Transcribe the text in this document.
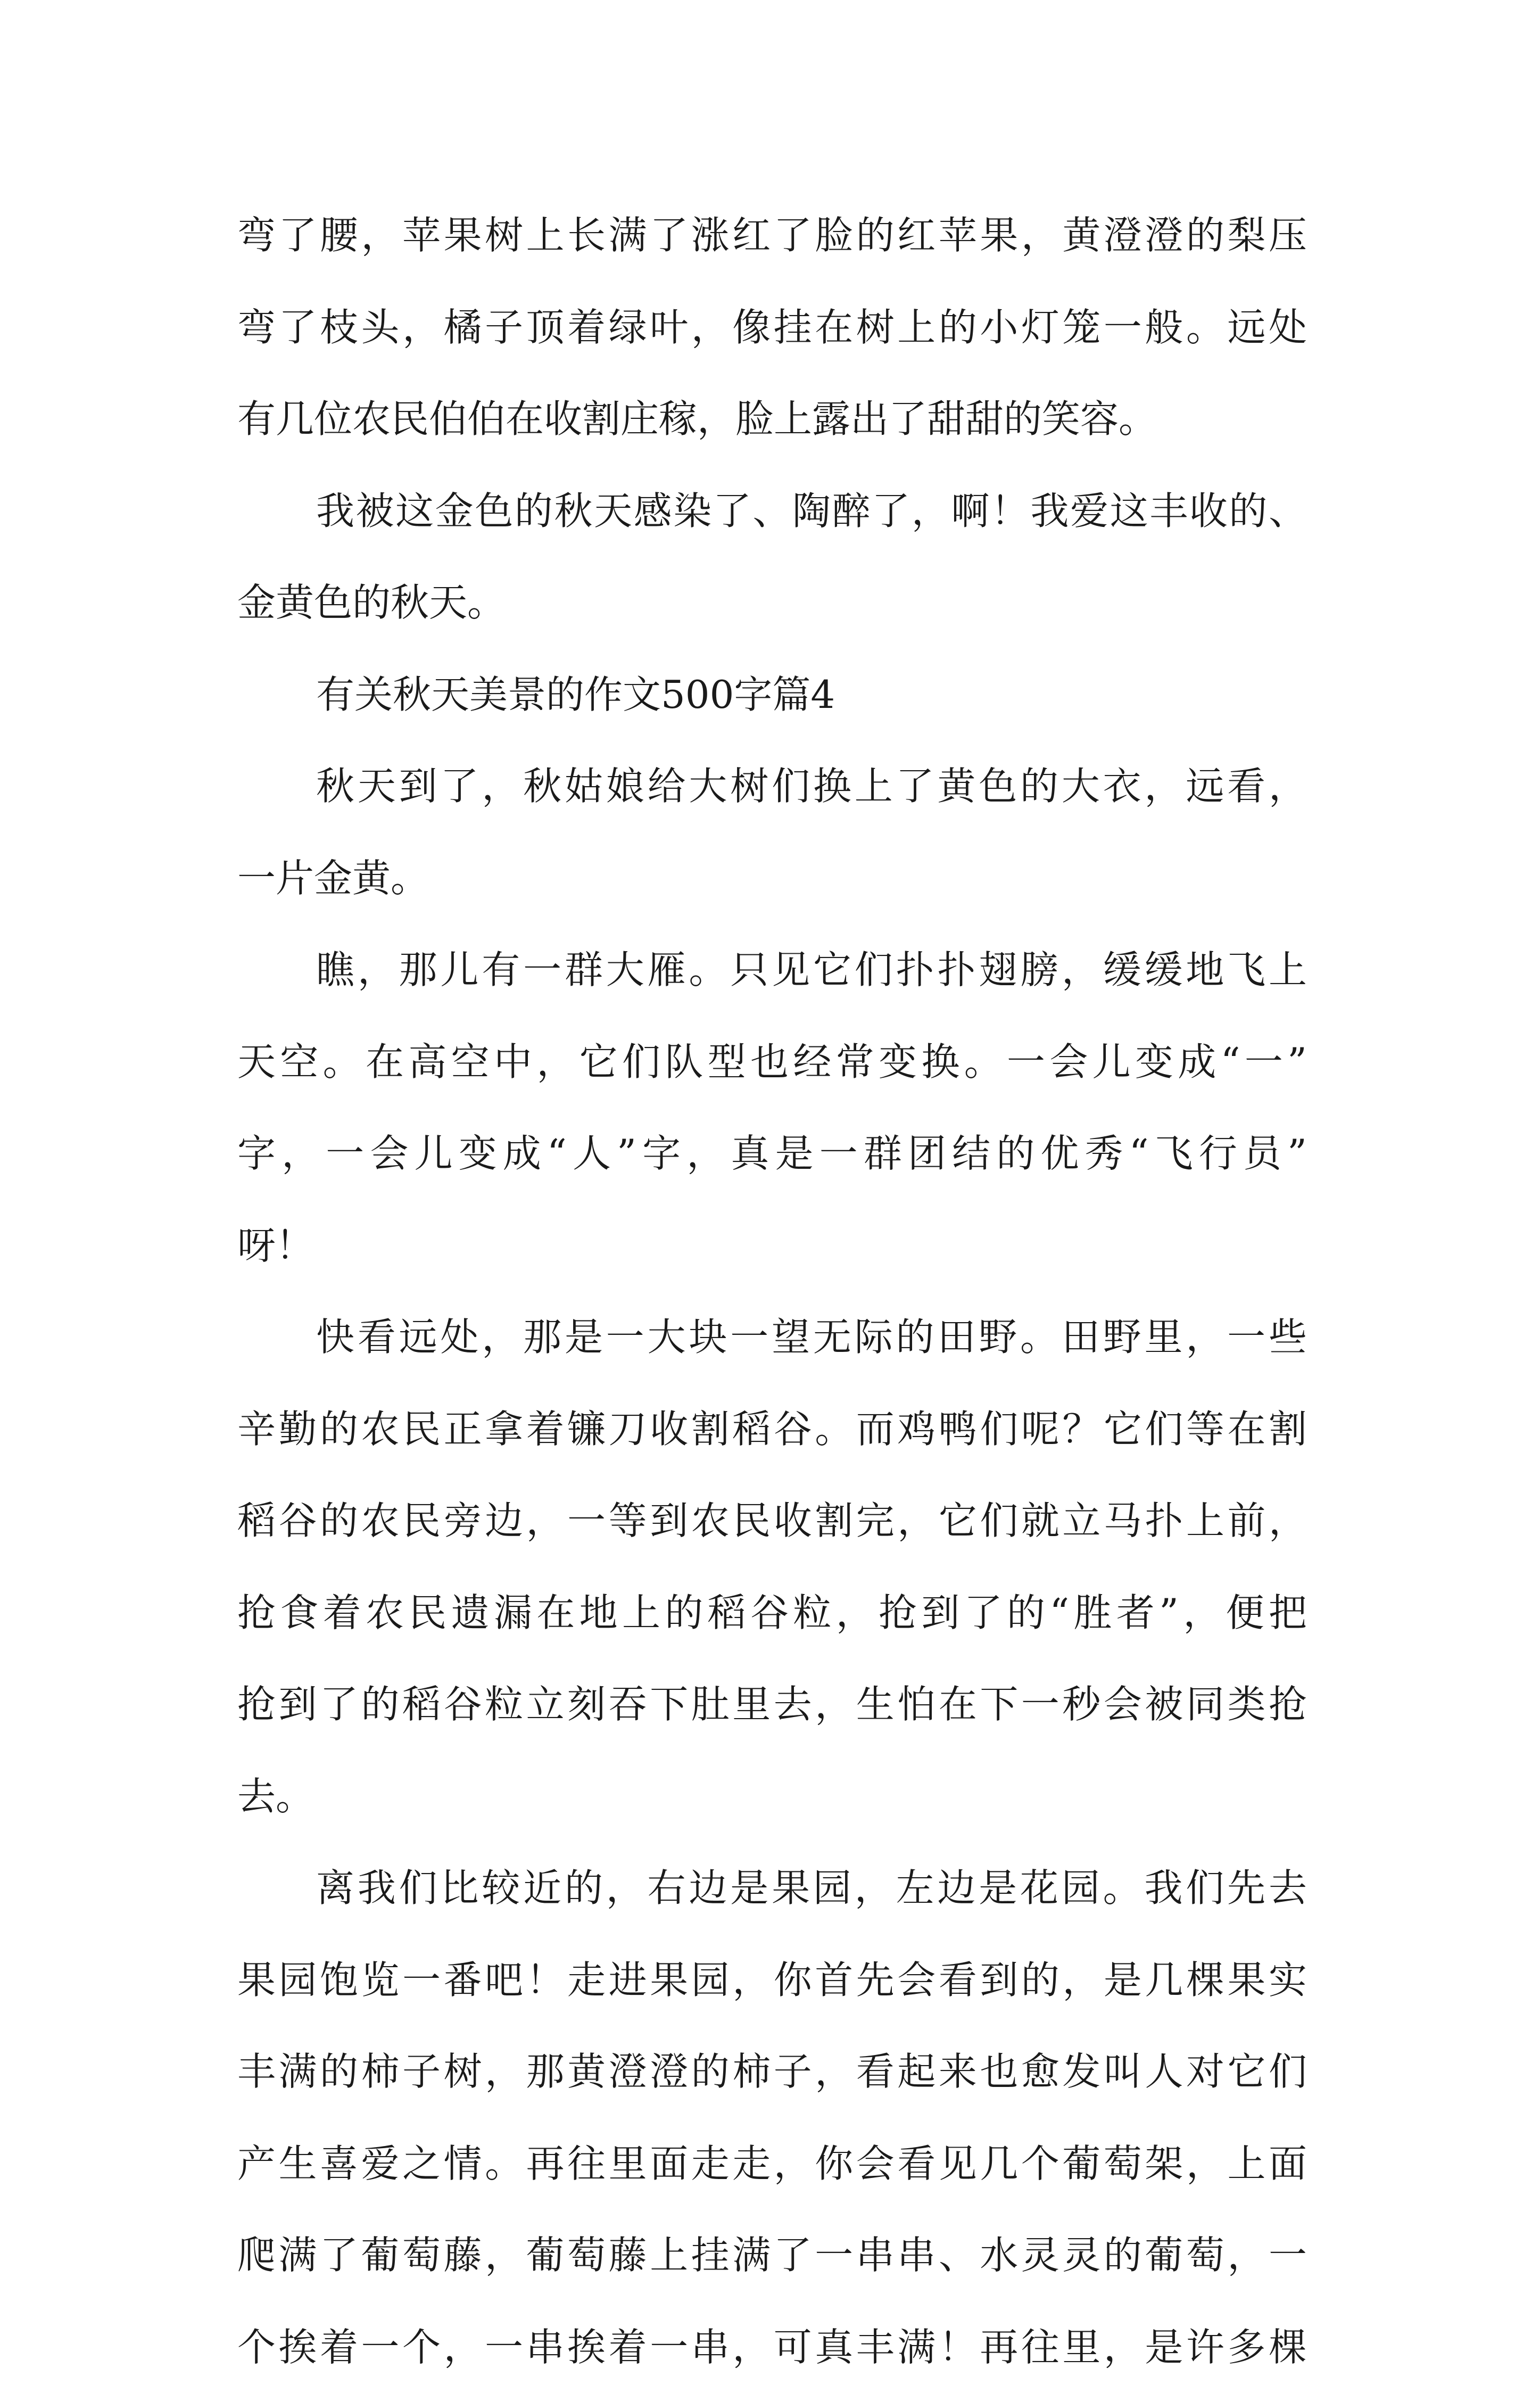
弯了腰，苹果树上长满了涨红了脸的红苹果，黄澄澄的梨压
弯了枝头，橘子顶着绿叶，像挂在树上的小灯笼一般。远处
有几位农民伯伯在收割庄稼，脸上露出了甜甜的笑容。
我被这金色的秋天感染了、陶醉了，啊！我爱这丰收的、
金黄色的秋天。
有关秋天美景的作文500字篇4
秋天到了，秋姑娘给大树们换上了黄色的大衣，远看，
一片金黄。
瞧，那儿有一群大雁。只见它们扑扑翅膀，缓缓地飞上
天空。在高空中，它们队型也经常变换。一会儿变成“一”
字，一会儿变成“人”字，真是一群团结的优秀“飞行员”
呀！
快看远处，那是一大块一望无际的田野。田野里，一些
辛勤的农民正拿着镰刀收割稻谷。而鸡鸭们呢？它们等在割
稻谷的农民旁边，一等到农民收割完，它们就立马扑上前，
抢食着农民遗漏在地上的稻谷粒，抢到了的“胜者”，便把
抢到了的稻谷粒立刻吞下肚里去，生怕在下一秒会被同类抢
去。
离我们比较近的，右边是果园，左边是花园。我们先去
果园饱览一番吧！走进果园，你首先会看到的，是几棵果实
丰满的柿子树，那黄澄澄的柿子，看起来也愈发叫人对它们
产生喜爱之情。再往里面走走，你会看见几个葡萄架，上面
爬满了葡萄藤，葡萄藤上挂满了一串串、水灵灵的葡萄，一
个挨着一个，一串挨着一串，可真丰满！再往里，是许多棵
